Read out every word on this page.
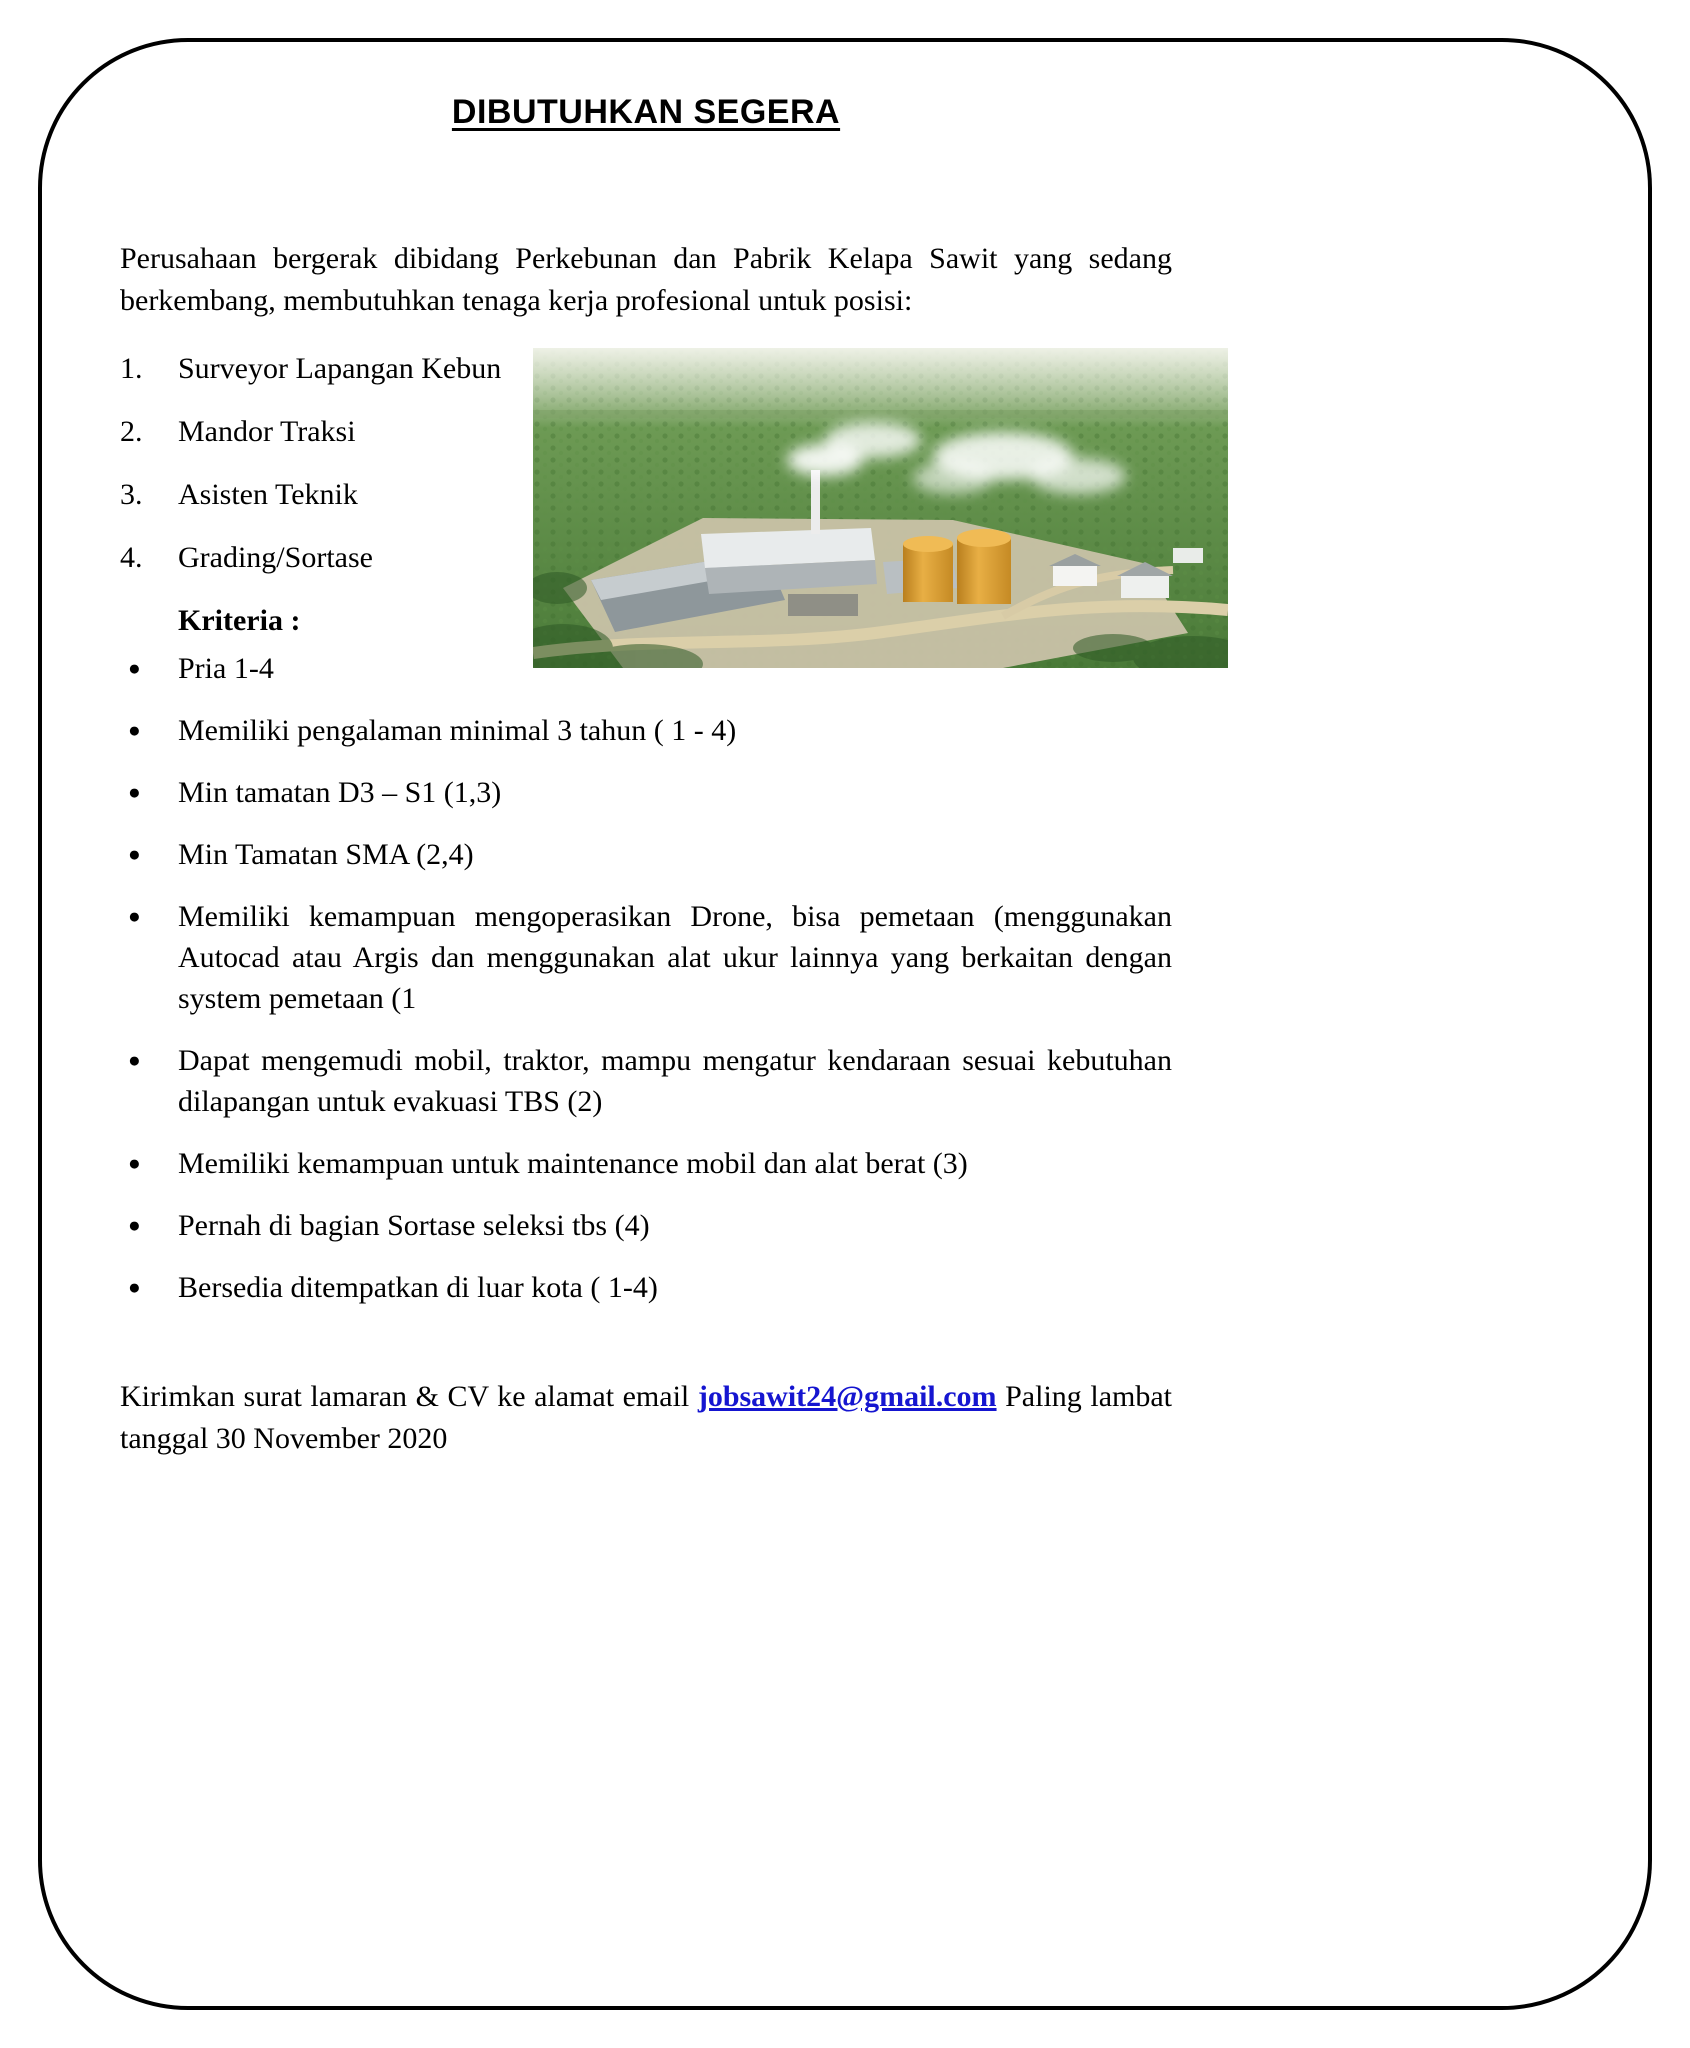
DIBUTUHKAN SEGERA

Perusahaan bergerak dibidang Perkebunan dan Pabrik Kelapa Sawit yang sedang berkembang, membutuhkan tenaga kerja profesional untuk posisi:

1.	Surveyor Lapangan Kebun
2.	Mandor Traksi
3.	Asisten Teknik
4.	Grading/Sortase
Kriteria :
●	Pria 1-4
●	Memiliki pengalaman minimal 3 tahun ( 1 - 4)
●	Min tamatan D3 – S1 (1,3)
●	Min Tamatan SMA (2,4)
●	Memiliki kemampuan mengoperasikan Drone, bisa pemetaan (menggunakan Autocad atau Argis dan menggunakan alat ukur lainnya yang berkaitan dengan system pemetaan (1
●	Dapat mengemudi mobil, traktor, mampu mengatur kendaraan sesuai kebutuhan dilapangan untuk evakuasi TBS (2)
●	Memiliki kemampuan untuk maintenance mobil dan alat berat (3)
●	Pernah di bagian Sortase seleksi tbs (4)
●	Bersedia ditempatkan di luar kota ( 1-4)

Kirimkan surat lamaran & CV ke alamat email jobsawit24@gmail.com Paling lambat tanggal 30 November 2020
